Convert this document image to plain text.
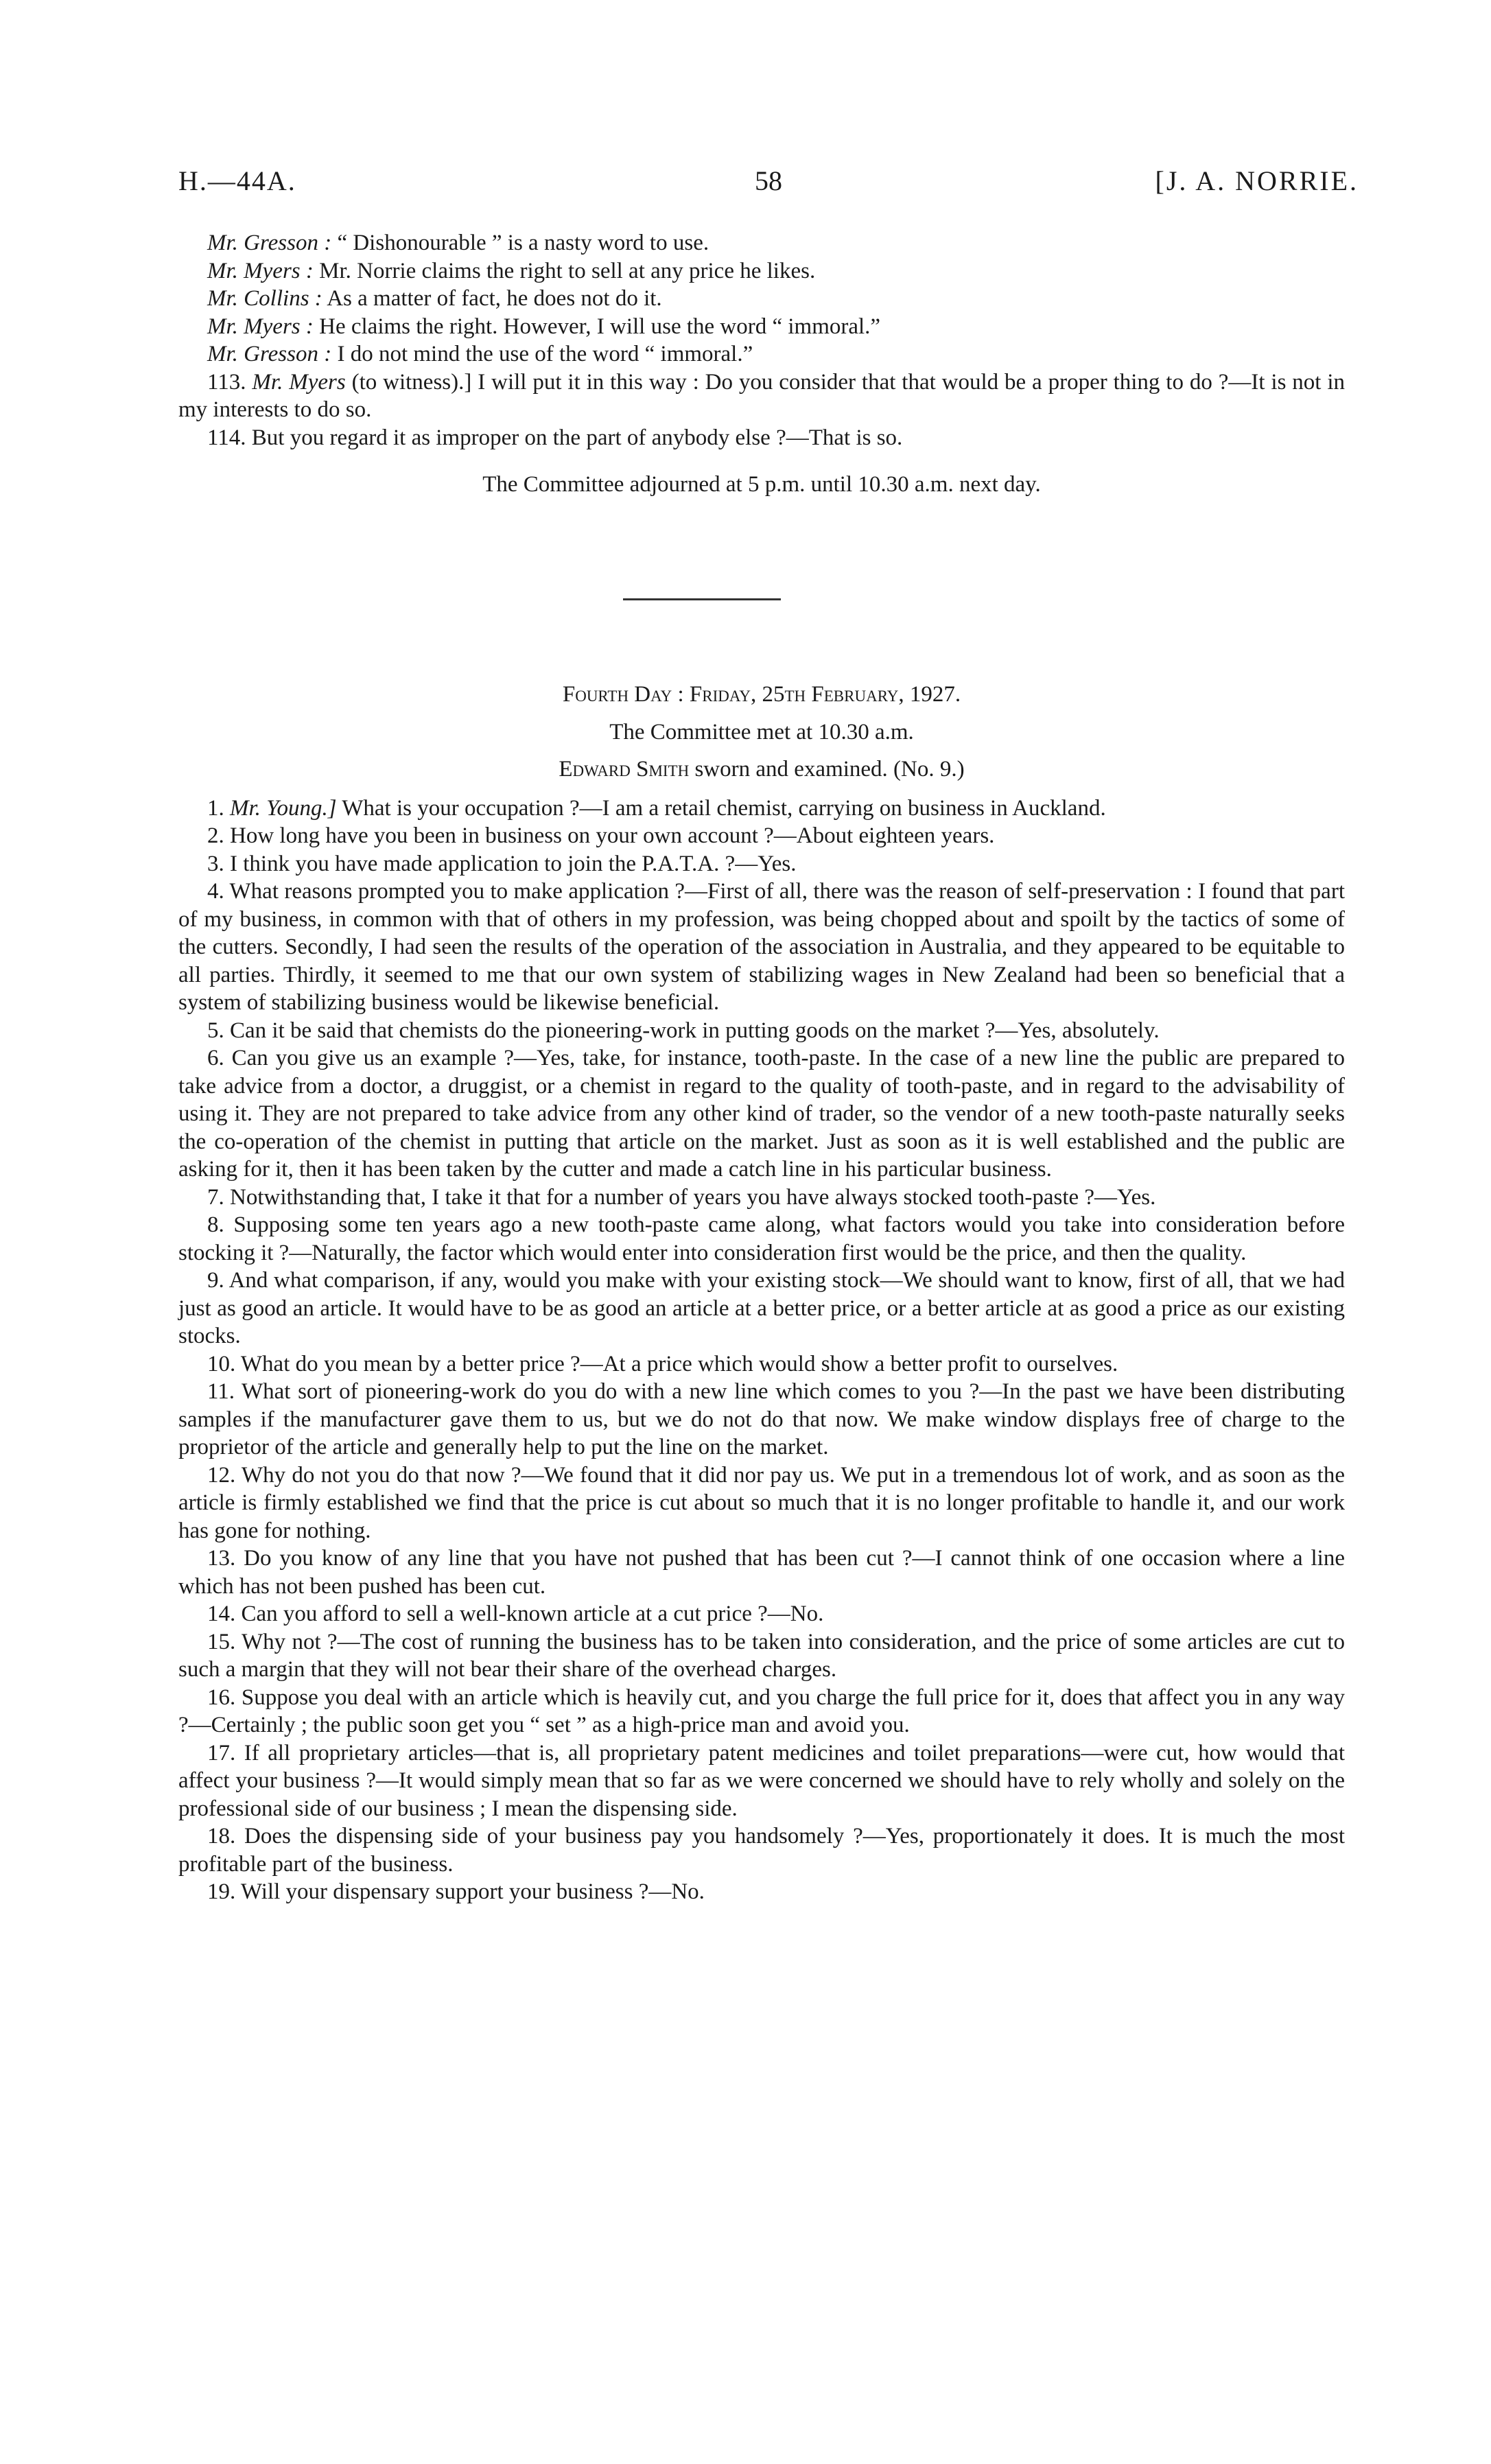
H.—44A.	58	[J. A. NORRIE.

Mr. Gresson : “ Dishonourable ” is a nasty word to use.

Mr. Myers : Mr. Norrie claims the right to sell at any price he likes.

Mr. Collins : As a matter of fact, he does not do it.

Mr. Myers : He claims the right. However, I will use the word “ immoral.”

Mr. Gresson : I do not mind the use of the word “ immoral.”

113. Mr. Myers (to witness).] I will put it in this way : Do you consider that that would be a proper thing to do ?—It is not in my interests to do so.

114. But you regard it as improper on the part of anybody else ?—That is so.

The Committee adjourned at 5 p.m. until 10.30 a.m. next day.

Fourth Day : Friday, 25th February, 1927.

The Committee met at 10.30 a.m.

Edward Smith sworn and examined. (No. 9.)

1. Mr. Young.] What is your occupation ?—I am a retail chemist, carrying on business in Auckland.

2. How long have you been in business on your own account ?—About eighteen years.

3. I think you have made application to join the P.A.T.A. ?—Yes.

4. What reasons prompted you to make application ?—First of all, there was the reason of self-preservation : I found that part of my business, in common with that of others in my profession, was being chopped about and spoilt by the tactics of some of the cutters. Secondly, I had seen the results of the operation of the association in Australia, and they appeared to be equitable to all parties. Thirdly, it seemed to me that our own system of stabilizing wages in New Zealand had been so beneficial that a system of stabilizing business would be likewise beneficial.

5. Can it be said that chemists do the pioneering-work in putting goods on the market ?—Yes, absolutely.

6. Can you give us an example ?—Yes, take, for instance, tooth-paste. In the case of a new line the public are prepared to take advice from a doctor, a druggist, or a chemist in regard to the quality of tooth-paste, and in regard to the advisability of using it. They are not prepared to take advice from any other kind of trader, so the vendor of a new tooth-paste naturally seeks the co-operation of the chemist in putting that article on the market. Just as soon as it is well established and the public are asking for it, then it has been taken by the cutter and made a catch line in his particular business.

7. Notwithstanding that, I take it that for a number of years you have always stocked tooth-paste ?—Yes.

8. Supposing some ten years ago a new tooth-paste came along, what factors would you take into consideration before stocking it ?—Naturally, the factor which would enter into consideration first would be the price, and then the quality.

9. And what comparison, if any, would you make with your existing stock—We should want to know, first of all, that we had just as good an article. It would have to be as good an article at a better price, or a better article at as good a price as our existing stocks.

10. What do you mean by a better price ?—At a price which would show a better profit to ourselves.

11. What sort of pioneering-work do you do with a new line which comes to you ?—In the past we have been distributing samples if the manufacturer gave them to us, but we do not do that now. We make window displays free of charge to the proprietor of the article and generally help to put the line on the market.

12. Why do not you do that now ?—We found that it did nor pay us. We put in a tremendous lot of work, and as soon as the article is firmly established we find that the price is cut about so much that it is no longer profitable to handle it, and our work has gone for nothing.

13. Do you know of any line that you have not pushed that has been cut ?—I cannot think of one occasion where a line which has not been pushed has been cut.

14. Can you afford to sell a well-known article at a cut price ?—No.

15. Why not ?—The cost of running the business has to be taken into consideration, and the price of some articles are cut to such a margin that they will not bear their share of the overhead charges.

16. Suppose you deal with an article which is heavily cut, and you charge the full price for it, does that affect you in any way ?—Certainly ; the public soon get you “ set ” as a high-price man and avoid you.

17. If all proprietary articles—that is, all proprietary patent medicines and toilet preparations—were cut, how would that affect your business ?—It would simply mean that so far as we were concerned we should have to rely wholly and solely on the professional side of our business ; I mean the dispensing side.

18. Does the dispensing side of your business pay you handsomely ?—Yes, proportionately it does. It is much the most profitable part of the business.

19. Will your dispensary support your business ?—No.
